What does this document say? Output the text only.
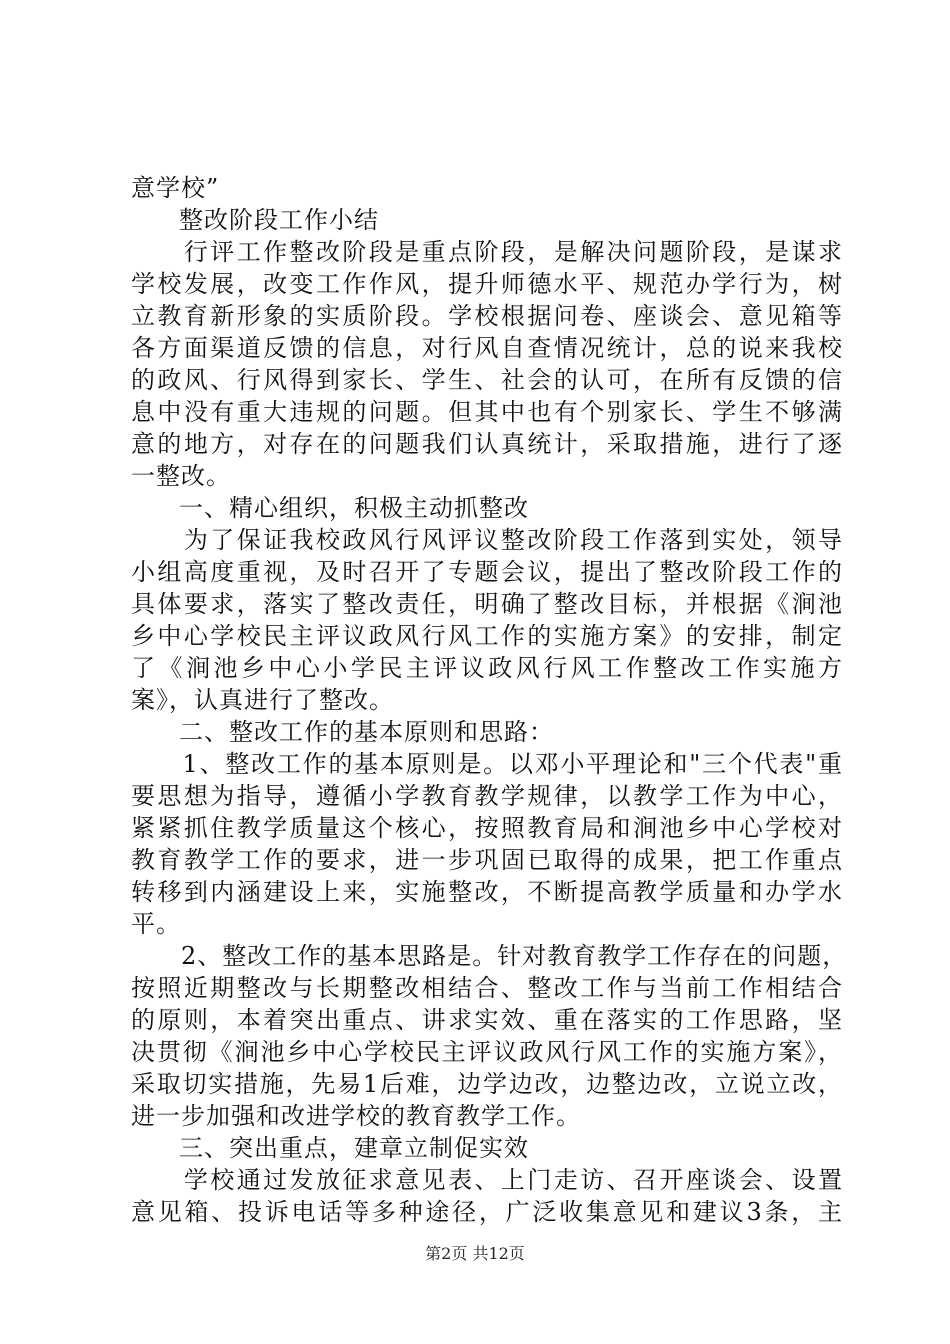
意学校”
整改阶段工作小结
　　行评工作整改阶段是重点阶段，是解决问题阶段，是谋求
学校发展，改变工作作风，提升师德水平、规范办学行为，树
立教育新形象的实质阶段。学校根据问卷、座谈会、意见箱等
各方面渠道反馈的信息，对行风自查情况统计，总的说来我校
的政风、行风得到家长、学生、社会的认可，在所有反馈的信
息中没有重大违规的问题。但其中也有个别家长、学生不够满
意的地方，对存在的问题我们认真统计，采取措施，进行了逐
一整改。
一、精心组织，积极主动抓整改
　　为了保证我校政风行风评议整改阶段工作落到实处，领导
小组高度重视，及时召开了专题会议，提出了整改阶段工作的
具体要求，落实了整改责任，明确了整改目标，并根据《涧池
乡中心学校民主评议政风行风工作的实施方案》的安排，制定
了《涧池乡中心小学民主评议政风行风工作整改工作实施方
案》，认真进行了整改。
二、整改工作的基本原则和思路：
　　1、整改工作的基本原则是。以邓小平理论和"三个代表"重
要思想为指导，遵循小学教育教学规律，以教学工作为中心，
紧紧抓住教学质量这个核心，按照教育局和涧池乡中心学校对
教育教学工作的要求，进一步巩固已取得的成果，把工作重点
转移到内涵建设上来，实施整改，不断提高教学质量和办学水
平。
　　2、整改工作的基本思路是。针对教育教学工作存在的问题，
按照近期整改与长期整改相结合、整改工作与当前工作相结合
的原则，本着突出重点、讲求实效、重在落实的工作思路，坚
决贯彻《涧池乡中心学校民主评议政风行风工作的实施方案》，
采取切实措施，先易1后难，边学边改，边整边改，立说立改，
进一步加强和改进学校的教育教学工作。
三、突出重点，建章立制促实效
　　学校通过发放征求意见表、上门走访、召开座谈会、设置
意见箱、投诉电话等多种途径，广泛收集意见和建议3条，主
第2页 共12页
